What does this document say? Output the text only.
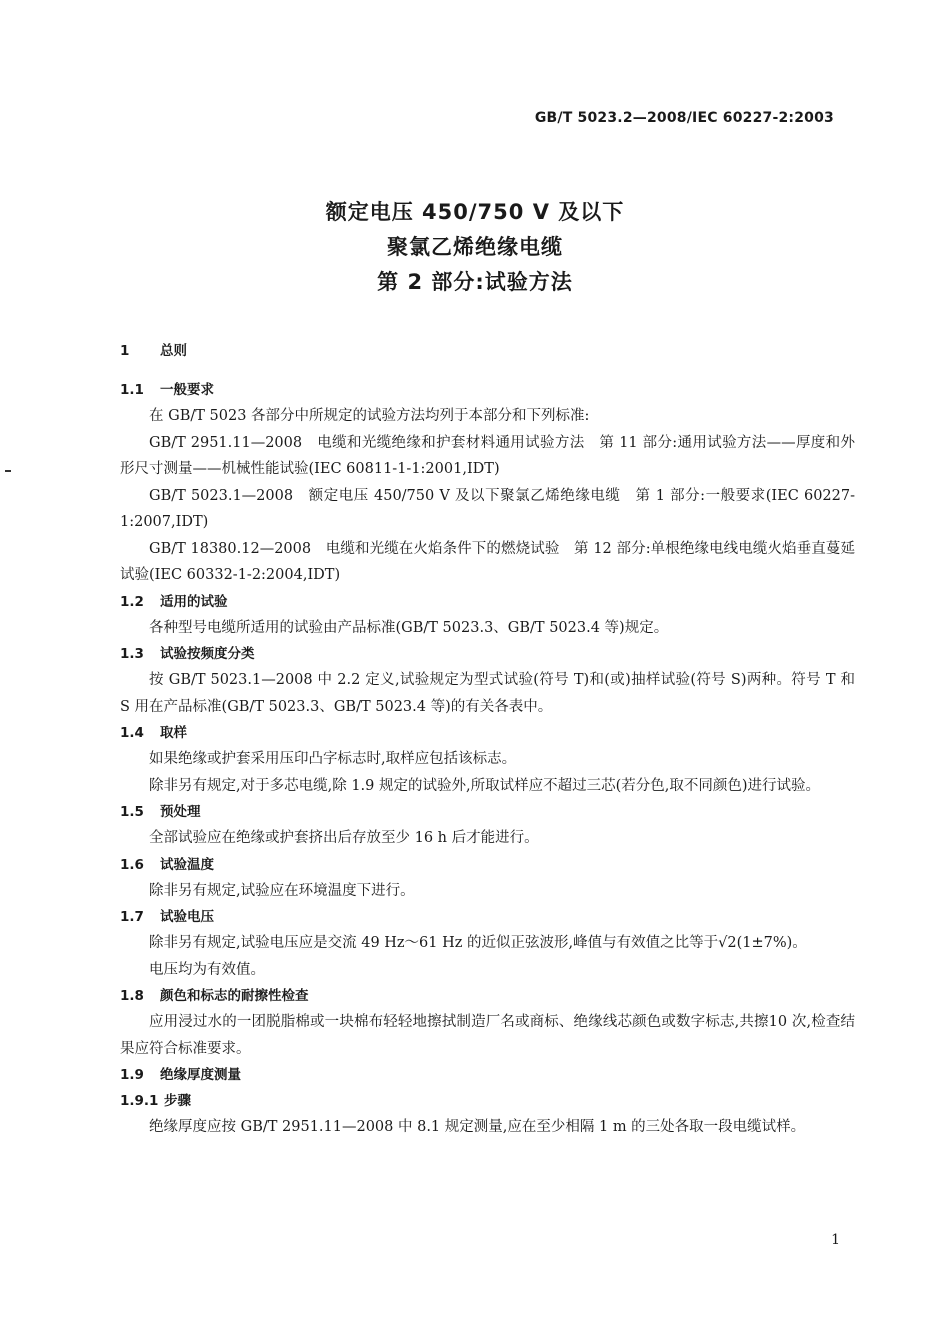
GB/T 5023.2—2008/IEC 60227-2:2003
额定电压 450/750 V 及以下
聚氯乙烯绝缘电缆
第 2 部分:试验方法
1 总则
1.1 一般要求

在 GB/T 5023 各部分中所规定的试验方法均列于本部分和下列标准:

GB/T 2951.11—2008　电缆和光缆绝缘和护套材料通用试验方法　第 11 部分:通用试验方法——厚度和外形尺寸测量——机械性能试验(IEC 60811-1-1:2001,IDT)

GB/T 5023.1—2008　额定电压 450/750 V 及以下聚氯乙烯绝缘电缆　第 1 部分:一般要求(IEC 60227-1:2007,IDT)

GB/T 18380.12—2008　电缆和光缆在火焰条件下的燃烧试验　第 12 部分:单根绝缘电线电缆火焰垂直蔓延试验(IEC 60332-1-2:2004,IDT)

1.2 适用的试验

各种型号电缆所适用的试验由产品标准(GB/T 5023.3、GB/T 5023.4 等)规定。

1.3 试验按频度分类

按 GB/T 5023.1—2008 中 2.2 定义,试验规定为型式试验(符号 T)和(或)抽样试验(符号 S)两种。符号 T 和 S 用在产品标准(GB/T 5023.3、GB/T 5023.4 等)的有关各表中。

1.4 取样

如果绝缘或护套采用压印凸字标志时,取样应包括该标志。

除非另有规定,对于多芯电缆,除 1.9 规定的试验外,所取试样应不超过三芯(若分色,取不同颜色)进行试验。

1.5 预处理

全部试验应在绝缘或护套挤出后存放至少 16 h 后才能进行。

1.6 试验温度

除非另有规定,试验应在环境温度下进行。

1.7 试验电压

除非另有规定,试验电压应是交流 49 Hz～61 Hz 的近似正弦波形,峰值与有效值之比等于√2(1±7%)。

电压均为有效值。

1.8 颜色和标志的耐擦性检查

应用浸过水的一团脱脂棉或一块棉布轻轻地擦拭制造厂名或商标、绝缘线芯颜色或数字标志,共擦10 次,检查结果应符合标准要求。

1.9 绝缘厚度测量
1.9.1 步骤

绝缘厚度应按 GB/T 2951.11—2008 中 8.1 规定测量,应在至少相隔 1 m 的三处各取一段电缆试样。

1
